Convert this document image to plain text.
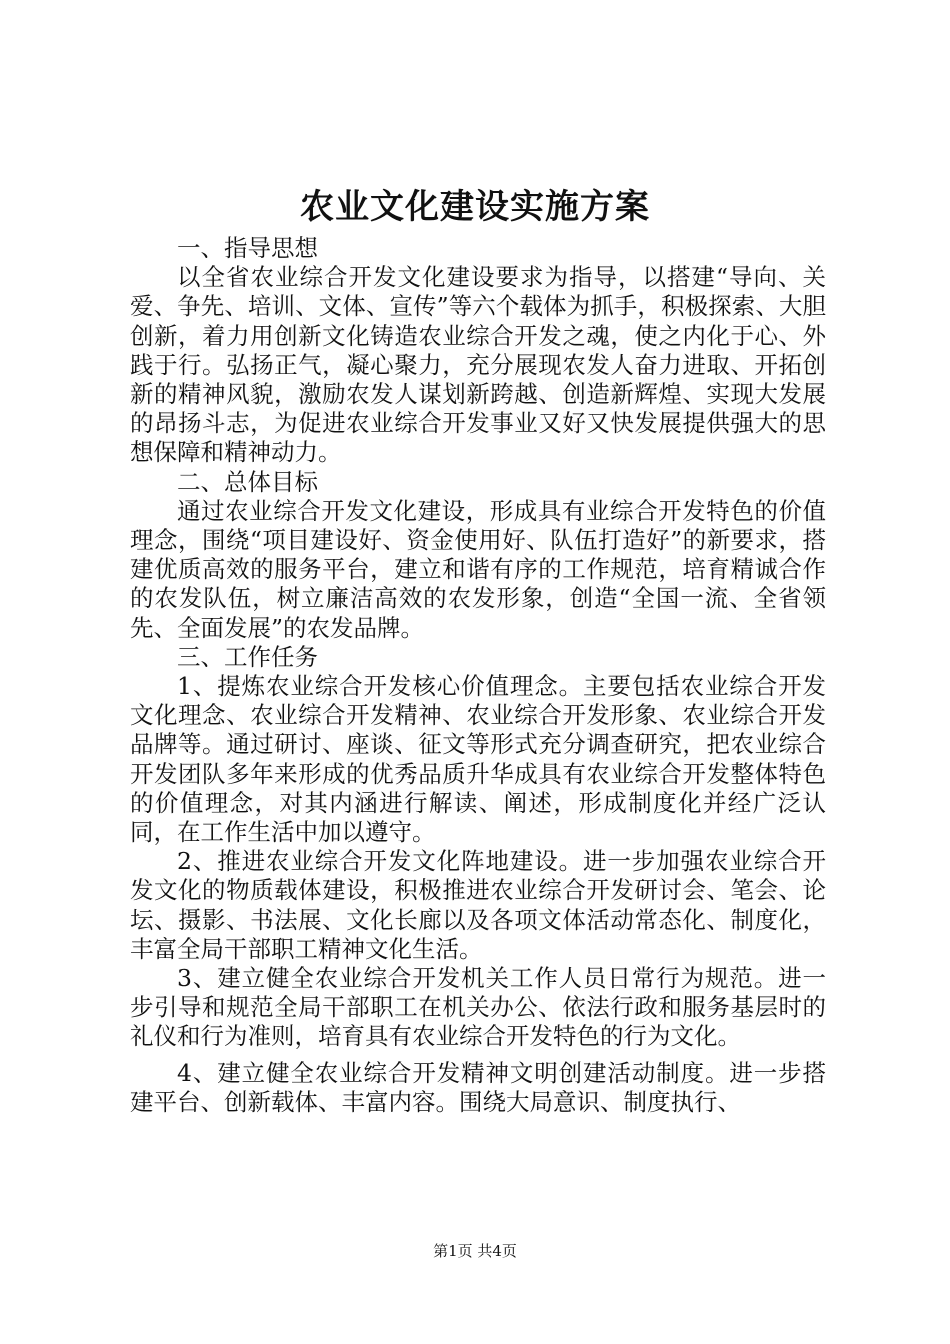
农业文化建设实施方案

一、指导思想

以全省农业综合开发文化建设要求为指导，以搭建“导向、关爱、争先、培训、文体、宣传”等六个载体为抓手，积极探索、大胆创新，着力用创新文化铸造农业综合开发之魂，使之内化于心、外践于行。弘扬正气，凝心聚力，充分展现农发人奋力进取、开拓创新的精神风貌，激励农发人谋划新跨越、创造新辉煌、实现大发展的昂扬斗志，为促进农业综合开发事业又好又快发展提供强大的思想保障和精神动力。

二、总体目标

通过农业综合开发文化建设，形成具有业综合开发特色的价值理念，围绕“项目建设好、资金使用好、队伍打造好”的新要求，搭建优质高效的服务平台，建立和谐有序的工作规范，培育精诚合作的农发队伍，树立廉洁高效的农发形象，创造“全国一流、全省领先、全面发展”的农发品牌。

三、工作任务

1、提炼农业综合开发核心价值理念。主要包括农业综合开发文化理念、农业综合开发精神、农业综合开发形象、农业综合开发品牌等。通过研讨、座谈、征文等形式充分调查研究，把农业综合开发团队多年来形成的优秀品质升华成具有农业综合开发整体特色的价值理念，对其内涵进行解读、阐述，形成制度化并经广泛认同，在工作生活中加以遵守。

2、推进农业综合开发文化阵地建设。进一步加强农业综合开发文化的物质载体建设，积极推进农业综合开发研讨会、笔会、论坛、摄影、书法展、文化长廊以及各项文体活动常态化、制度化，丰富全局干部职工精神文化生活。

3、建立健全农业综合开发机关工作人员日常行为规范。进一步引导和规范全局干部职工在机关办公、依法行政和服务基层时的礼仪和行为准则，培育具有农业综合开发特色的行为文化。

4、建立健全农业综合开发精神文明创建活动制度。进一步搭建平台、创新载体、丰富内容。围绕大局意识、制度执行、

第1页 共4页
